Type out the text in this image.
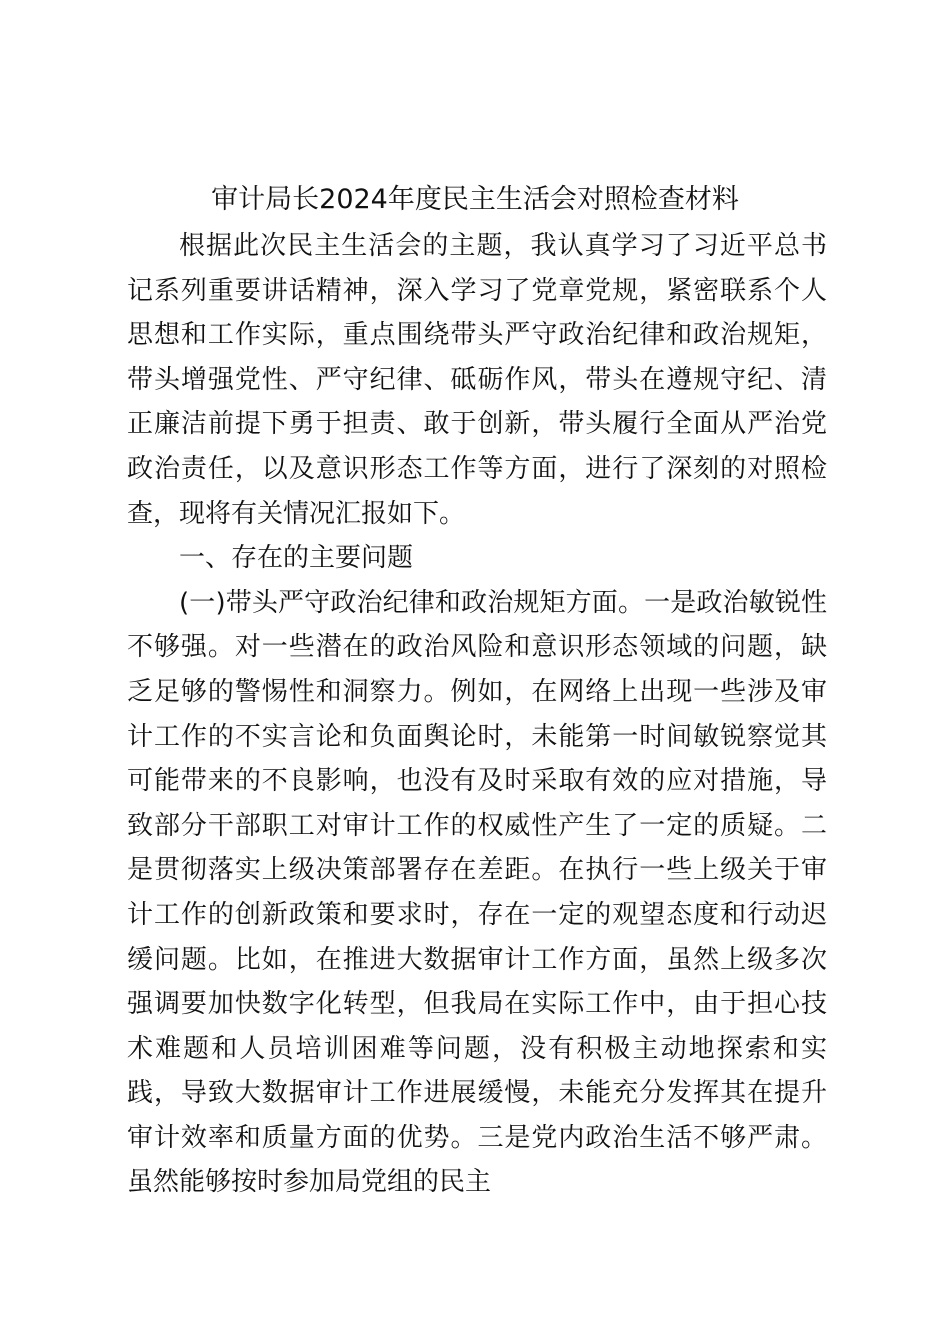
审计局长2024年度民主生活会对照检查材料

根据此次民主生活会的主题，我认真学习了习近平总书记系列重要讲话精神，深入学习了党章党规，紧密联系个人思想和工作实际，重点围绕带头严守政治纪律和政治规矩，带头增强党性、严守纪律、砥砺作风，带头在遵规守纪、清正廉洁前提下勇于担责、敢于创新，带头履行全面从严治党政治责任，以及意识形态工作等方面，进行了深刻的对照检查，现将有关情况汇报如下。

一、存在的主要问题

(一)带头严守政治纪律和政治规矩方面。一是政治敏锐性不够强。对一些潜在的政治风险和意识形态领域的问题，缺乏足够的警惕性和洞察力。例如，在网络上出现一些涉及审计工作的不实言论和负面舆论时，未能第一时间敏锐察觉其可能带来的不良影响，也没有及时采取有效的应对措施，导致部分干部职工对审计工作的权威性产生了一定的质疑。二是贯彻落实上级决策部署存在差距。在执行一些上级关于审计工作的创新政策和要求时，存在一定的观望态度和行动迟缓问题。比如，在推进大数据审计工作方面，虽然上级多次强调要加快数字化转型，但我局在实际工作中，由于担心技术难题和人员培训困难等问题，没有积极主动地探索和实践，导致大数据审计工作进展缓慢，未能充分发挥其在提升审计效率和质量方面的优势。三是党内政治生活不够严肃。虽然能够按时参加局党组的民主
